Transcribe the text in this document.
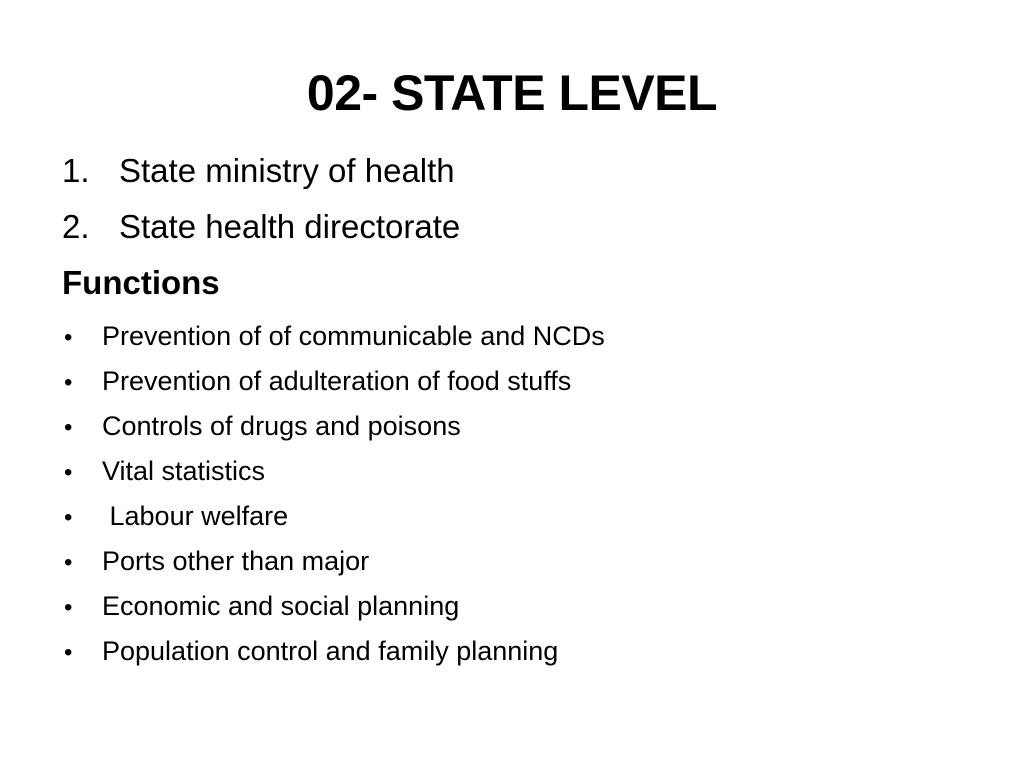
02- STATE LEVEL
1. State ministry of health
2. State health directorate
Functions
•	Prevention of of communicable and NCDs
•	Prevention of adulteration of food stuffs
•	Controls of drugs and poisons
•	Vital statistics
•	Labour welfare
•	Ports other than major
•	Economic and social planning
•	Population control and family planning
